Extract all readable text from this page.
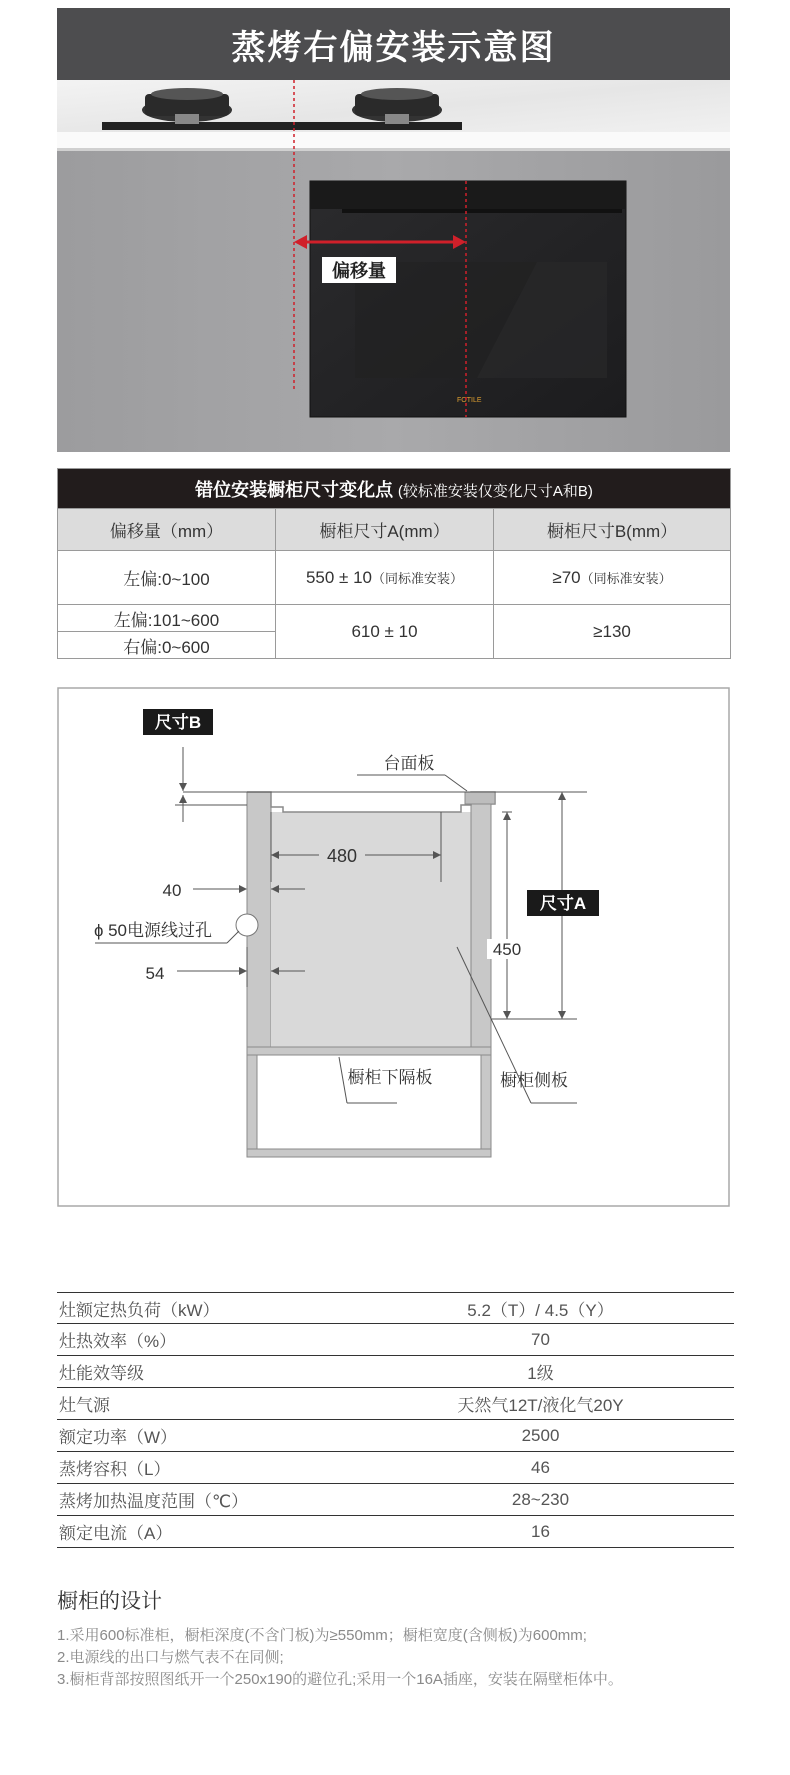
蒸烤右偏安装示意图
FOTILE
偏移量
错位安装橱柜尺寸变化点 (较标准安装仅变化尺寸A和B)		
偏移量（mm）	橱柜尺寸A(mm）	橱柜尺寸B(mm）
左偏:0~100	550 ± 10（同标准安装）	≥70（同标准安装）
左偏:101~600	610 ± 10	≥130
右偏:0~600		
尺寸B
台面板
480
40
ɸ 50电源线过孔
54
尺寸A
450
橱柜下隔板	橱柜侧板
灶额定热负荷（kW）	5.2（T）/ 4.5（Y）
灶热效率（%）	70
灶能效等级	1级
灶气源	天然气12T/液化气20Y
额定功率（W）	2500
蒸烤容积（L）	46
蒸烤加热温度范围（℃）	28~230
额定电流（A）	16
橱柜的设计
1.采用600标准柜，橱柜深度(不含门板)为≥550mm；橱柜宽度(含侧板)为600mm;
2.电源线的出口与燃气表不在同侧;
3.橱柜背部按照图纸开一个250x190的避位孔;采用一个16A插座，安装在隔壁柜体中。
